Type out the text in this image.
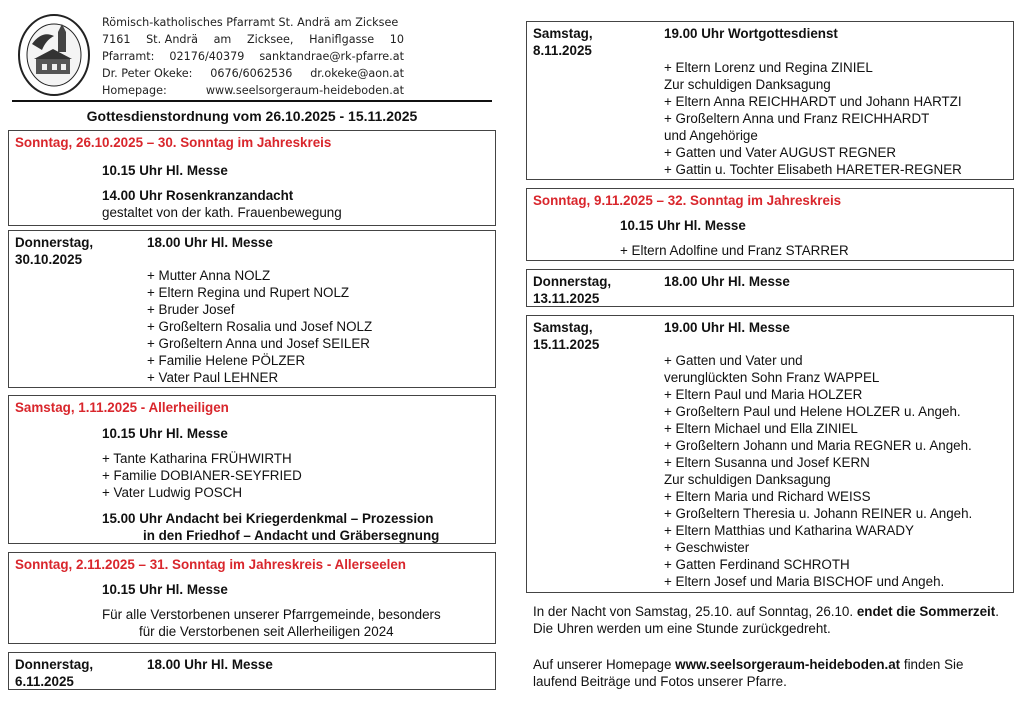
Römisch-katholisches Pfarramt St. Andrä am Zicksee
7161 St. Andrä am Zicksee, Haniflgasse 10
Pfarramt: 02176/40379 sanktandrae@rk-pfarre.at
Dr. Peter Okeke: 0676/6062536 dr.okeke@aon.at
Homepage:	www.seelsorgeraum-heideboden.at
Gottesdienstordnung vom 26.10.2025 - 15.11.2025
Sonntag, 26.10.2025 – 30. Sonntag im Jahreskreis
10.15 Uhr Hl. Messe
14.00 Uhr Rosenkranzandacht
gestaltet von der kath. Frauenbewegung
Donnerstag,
30.10.2025
18.00 Uhr Hl. Messe
+ Mutter Anna NOLZ
+ Eltern Regina und Rupert NOLZ
+ Bruder Josef
+ Großeltern Rosalia und Josef NOLZ
+ Großeltern Anna und Josef SEILER
+ Familie Helene PÖLZER
+ Vater Paul LEHNER
Samstag, 1.11.2025 - Allerheiligen
10.15 Uhr Hl. Messe
+ Tante Katharina FRÜHWIRTH
+ Familie DOBIANER-SEYFRIED
+ Vater Ludwig POSCH
15.00 Uhr Andacht bei Kriegerdenkmal – Prozession
in den Friedhof – Andacht und Gräbersegnung
Sonntag, 2.11.2025 – 31. Sonntag im Jahreskreis - Allerseelen
10.15 Uhr Hl. Messe
Für alle Verstorbenen unserer Pfarrgemeinde, besonders
für die Verstorbenen seit Allerheiligen 2024
Donnerstag,
6.11.2025
18.00 Uhr Hl. Messe
Samstag,
8.11.2025
19.00 Uhr Wortgottesdienst
+ Eltern Lorenz und Regina ZINIEL
Zur schuldigen Danksagung
+ Eltern Anna REICHHARDT und Johann HARTZI
+ Großeltern Anna und Franz REICHHARDT
und Angehörige
+ Gatten und Vater AUGUST REGNER
+ Gattin u. Tochter Elisabeth HARETER-REGNER
Sonntag, 9.11.2025 – 32. Sonntag im Jahreskreis
10.15 Uhr Hl. Messe
+ Eltern Adolfine und Franz STARRER
Donnerstag,
13.11.2025
18.00 Uhr Hl. Messe
Samstag,
15.11.2025
19.00 Uhr Hl. Messe
+ Gatten und Vater und
verunglückten Sohn Franz WAPPEL
+ Eltern Paul und Maria HOLZER
+ Großeltern Paul und Helene HOLZER u. Angeh.
+ Eltern Michael und Ella ZINIEL
+ Großeltern Johann und Maria REGNER u. Angeh.
+ Eltern Susanna und Josef KERN
Zur schuldigen Danksagung
+ Eltern Maria und Richard WEISS
+ Großeltern Theresia u. Johann REINER u. Angeh.
+ Eltern Matthias und Katharina WARADY
+ Geschwister
+ Gatten Ferdinand SCHROTH
+ Eltern Josef und Maria BISCHOF und Angeh.
In der Nacht von Samstag, 25.10. auf Sonntag, 26.10. endet die Sommerzeit. Die Uhren werden um eine Stunde zurückgedreht.
Auf unserer Homepage www.seelsorgeraum-heideboden.at finden Sie laufend Beiträge und Fotos unserer Pfarre.
